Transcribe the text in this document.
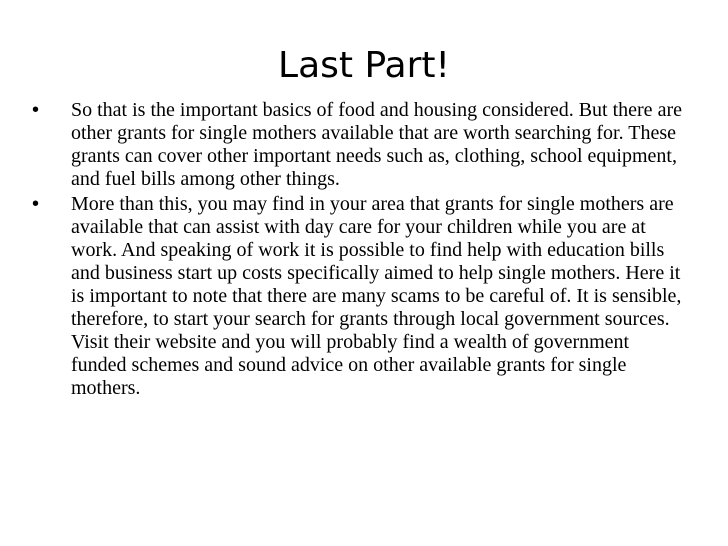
Last Part!
• So that is the important basics of food and housing considered. But there are other grants for single mothers available that are worth searching for. These grants can cover other important needs such as, clothing, school equipment, and fuel bills among other things.
• More than this, you may find in your area that grants for single mothers are available that can assist with day care for your children while you are at work. And speaking of work it is possible to find help with education bills and business start up costs specifically aimed to help single mothers. Here it is important to note that there are many scams to be careful of. It is sensible, therefore, to start your search for grants through local government sources. Visit their website and you will probably find a wealth of government funded schemes and sound advice on other available grants for single mothers.
